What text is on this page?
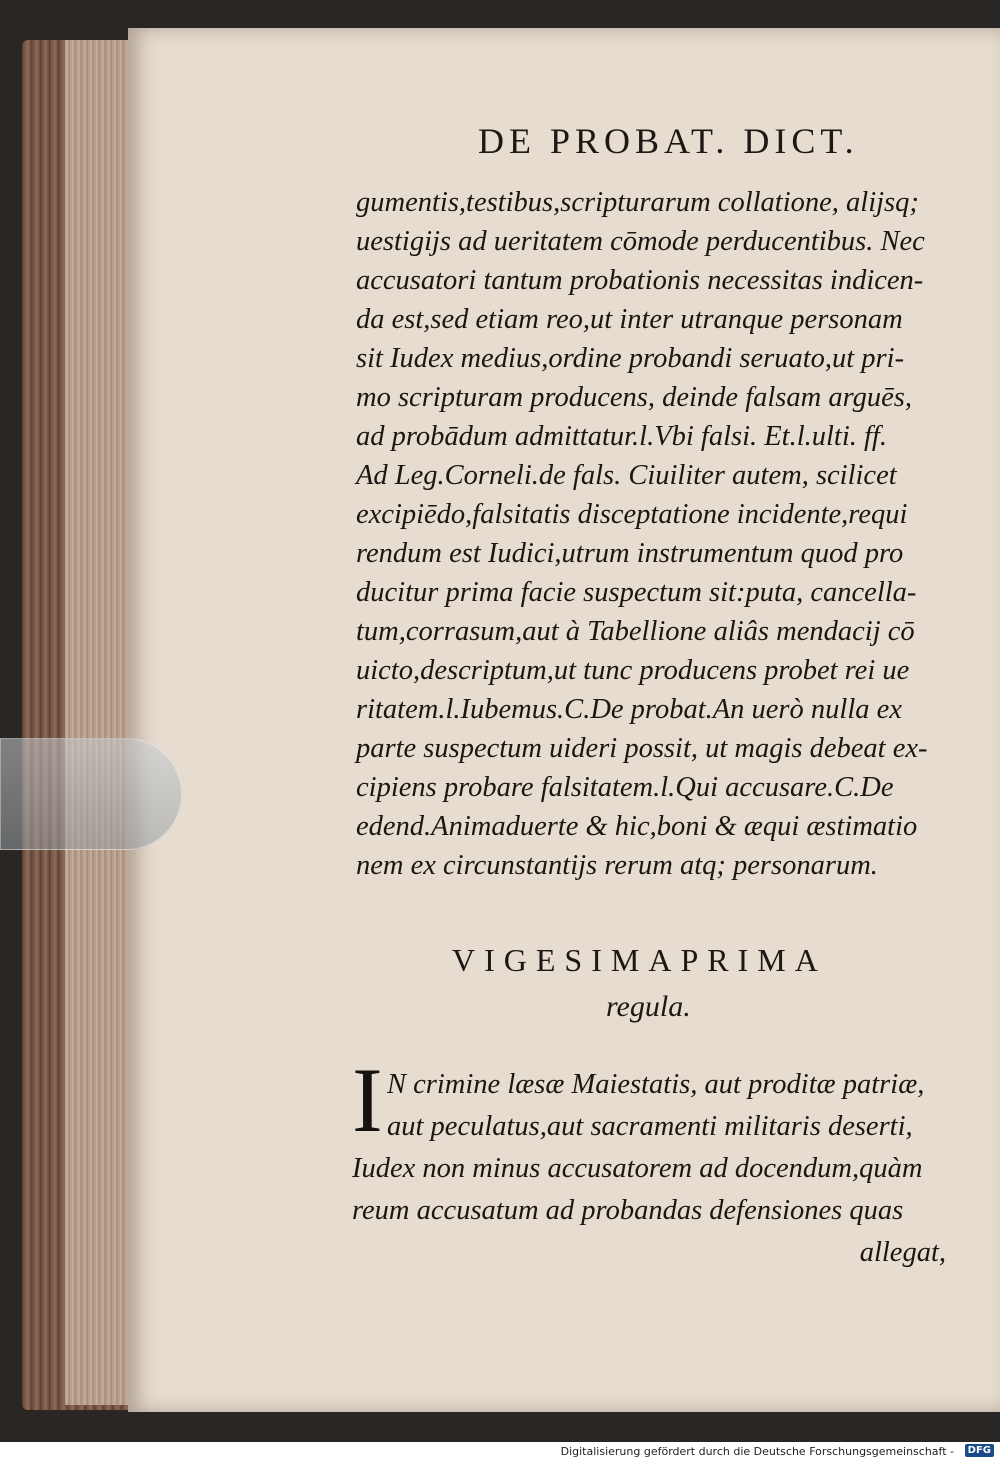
DE PROBAT. DICT.
gumentis,testibus,scripturarum collatione, alijsq;
uestigijs ad ueritatem cōmode perducentibus. Nec
accusatori tantum probationis necessitas indicen-
da est,sed etiam reo,ut inter utranque personam
sit Iudex medius,ordine probandi seruato,ut pri-
mo scripturam producens, deinde falsam arguēs,
ad probādum admittatur.l.Vbi falsi. Et.l.ulti. ff.
Ad Leg.Corneli.de fals. Ciuiliter autem, scilicet
excipiēdo,falsitatis disceptatione incidente,requi
rendum est Iudici,utrum instrumentum quod pro
ducitur prima facie suspectum sit:puta, cancella-
tum,corrasum,aut à Tabellione aliâs mendacij cō
uicto,descriptum,ut tunc producens probet rei ue
ritatem.l.Iubemus.C.De probat.An uerò nulla ex
parte suspectum uideri possit, ut magis debeat ex-
cipiens probare falsitatem.l.Qui accusare.C.De
edend.Animaduerte & hic,boni & æqui æstimatio
nem ex circunstantijs rerum atq; personarum.
VIGESIMAPRIMA
regula.
I N crimine læsæ Maiestatis, aut proditæ patriæ,
aut peculatus,aut sacramenti militaris deserti,
Iudex non minus accusatorem ad docendum,quàm
reum accusatum ad probandas defensiones quas
allegat,
Digitalisierung gefördert durch die Deutsche Forschungsgemeinschaft -	DFG
